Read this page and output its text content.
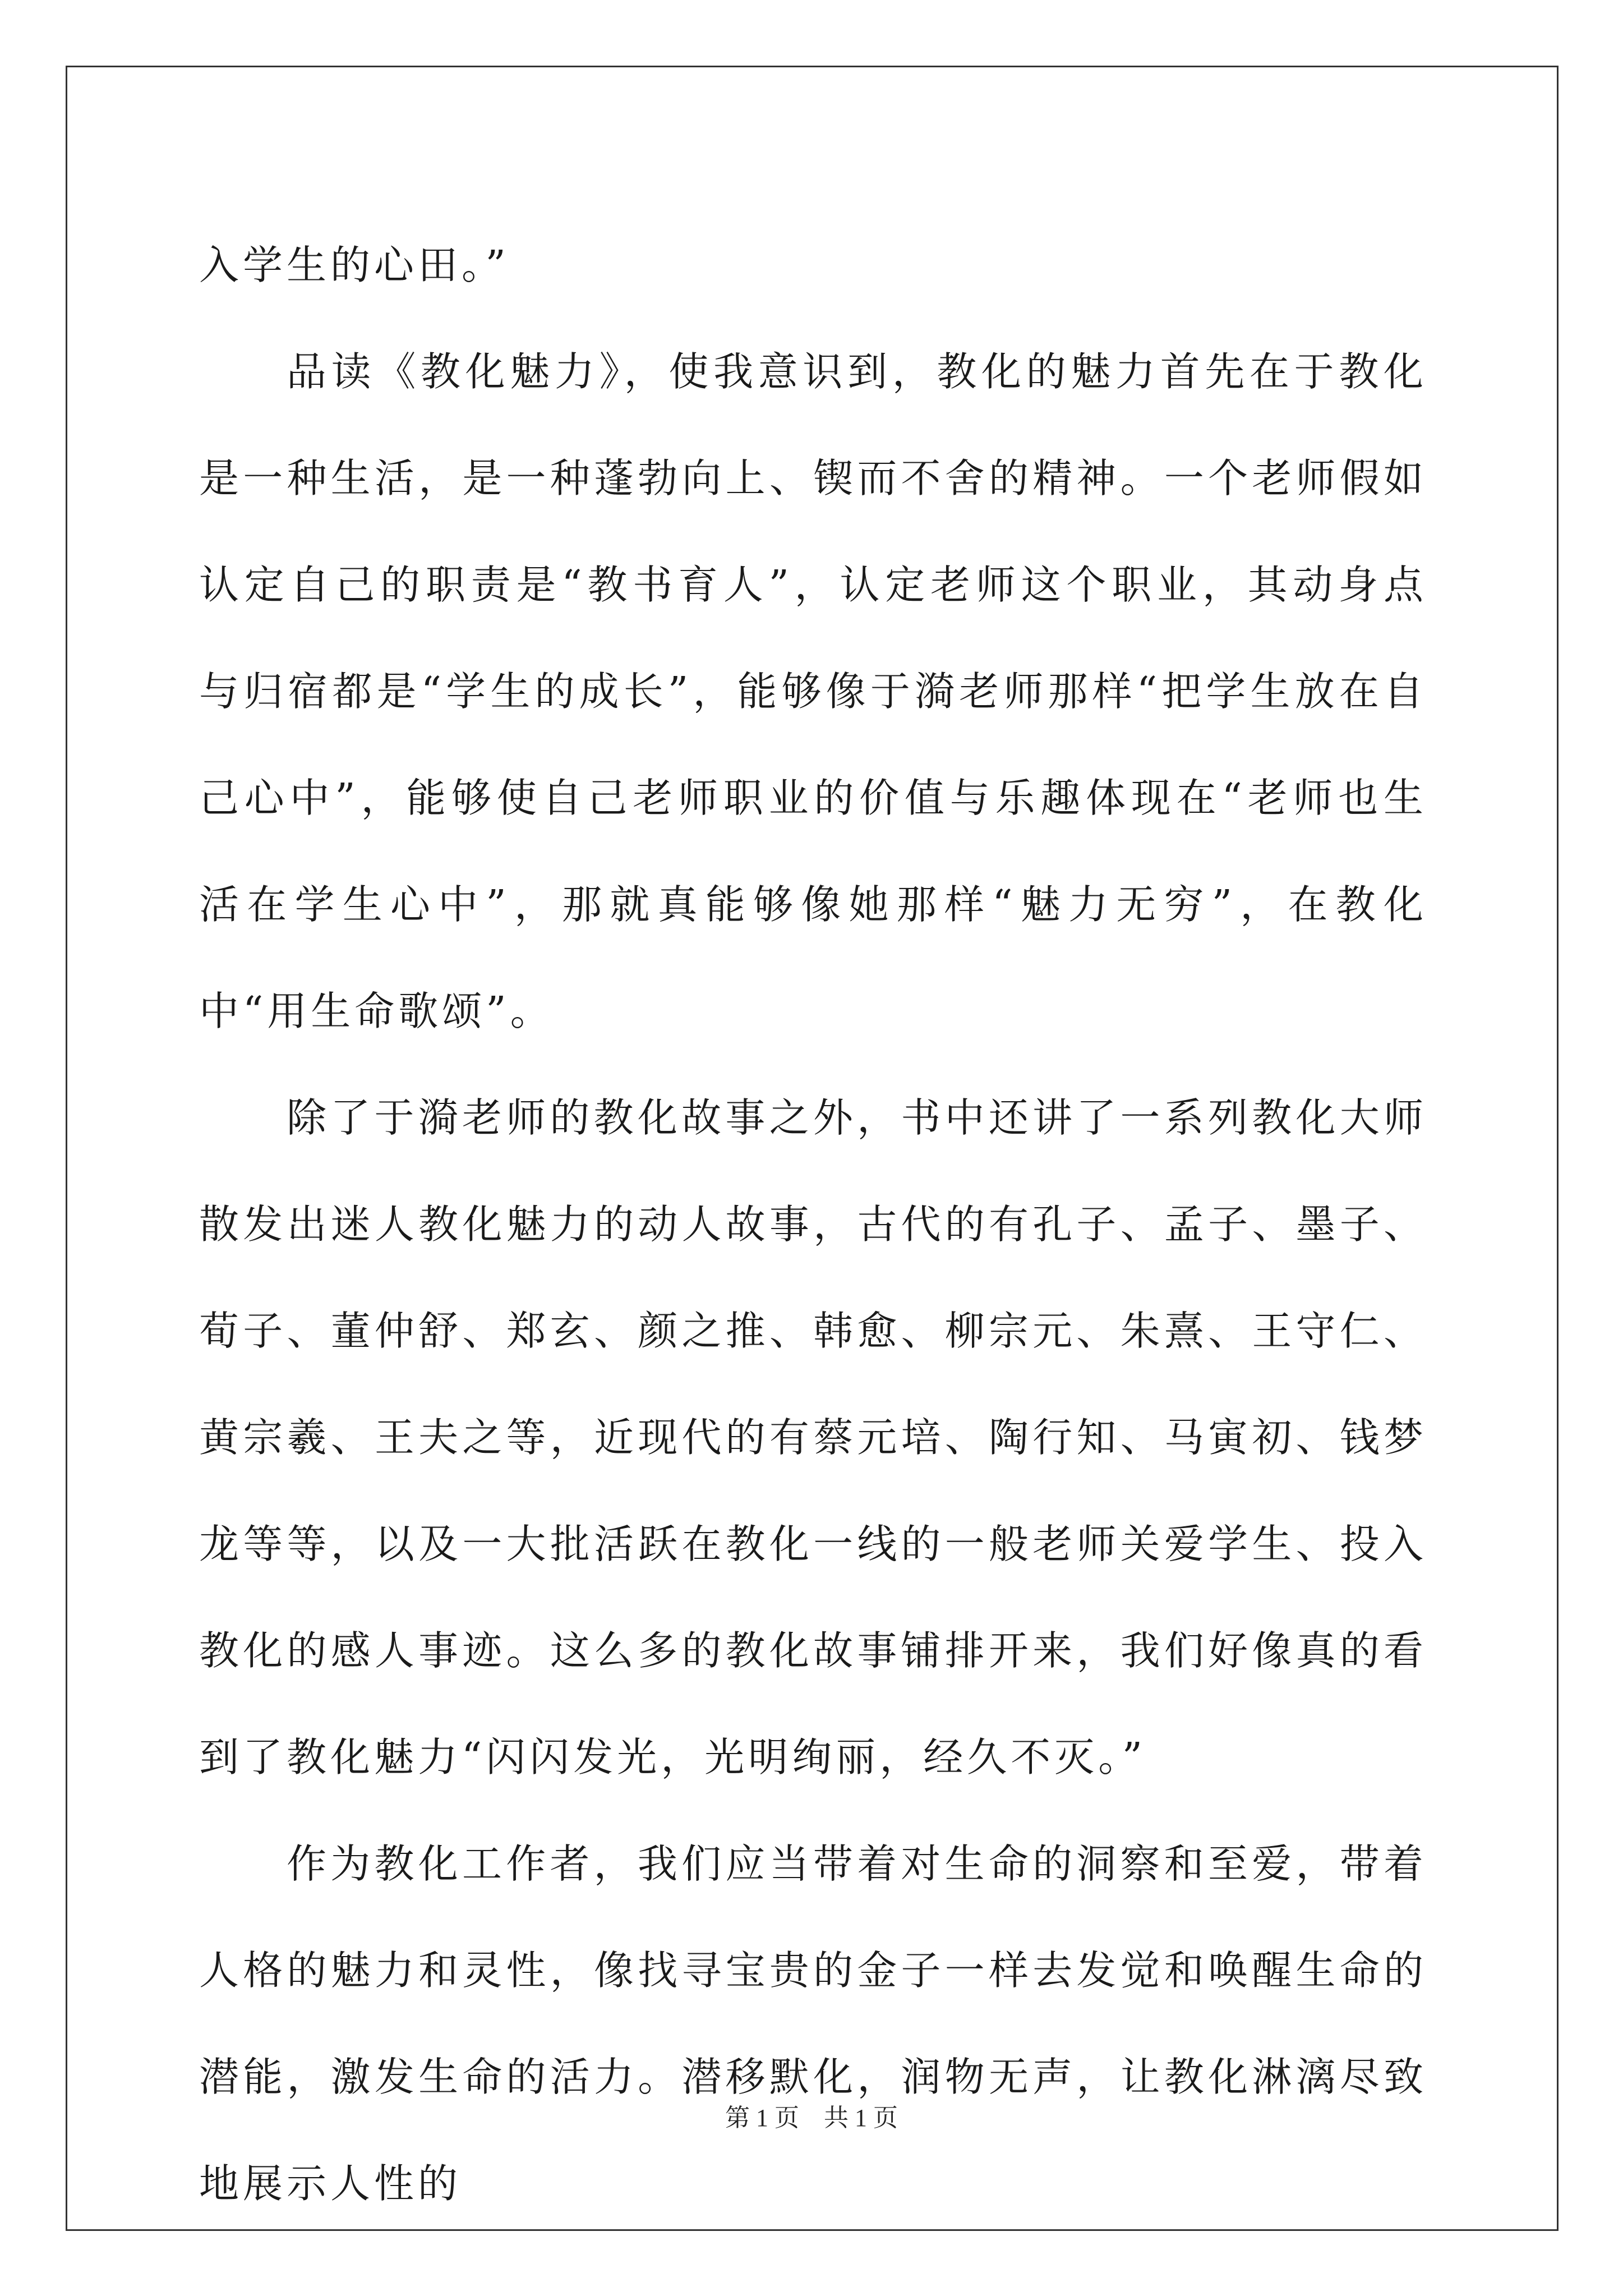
入学生的心田。”

品读《教化魅力》，使我意识到，教化的魅力首先在于教化是一种生活，是一种蓬勃向上、锲而不舍的精神。一个老师假如认定自己的职责是“教书育人”，认定老师这个职业，其动身点与归宿都是“学生的成长”，能够像于漪老师那样“把学生放在自己心中”，能够使自己老师职业的价值与乐趣体现在“老师也生活在学生心中”，那就真能够像她那样“魅力无穷”，在教化中“用生命歌颂”。

除了于漪老师的教化故事之外，书中还讲了一系列教化大师散发出迷人教化魅力的动人故事，古代的有孔子、孟子、墨子、荀子、董仲舒、郑玄、颜之推、韩愈、柳宗元、朱熹、王守仁、黄宗羲、王夫之等，近现代的有蔡元培、陶行知、马寅初、钱梦龙等等，以及一大批活跃在教化一线的一般老师关爱学生、投入教化的感人事迹。这么多的教化故事铺排开来，我们好像真的看到了教化魅力“闪闪发光，光明绚丽，经久不灭。”

作为教化工作者，我们应当带着对生命的洞察和至爱，带着人格的魅力和灵性，像找寻宝贵的金子一样去发觉和唤醒生命的潜能，激发生命的活力。潜移默化，润物无声，让教化淋漓尽致地展示人性的

第 1 页 共 1 页
